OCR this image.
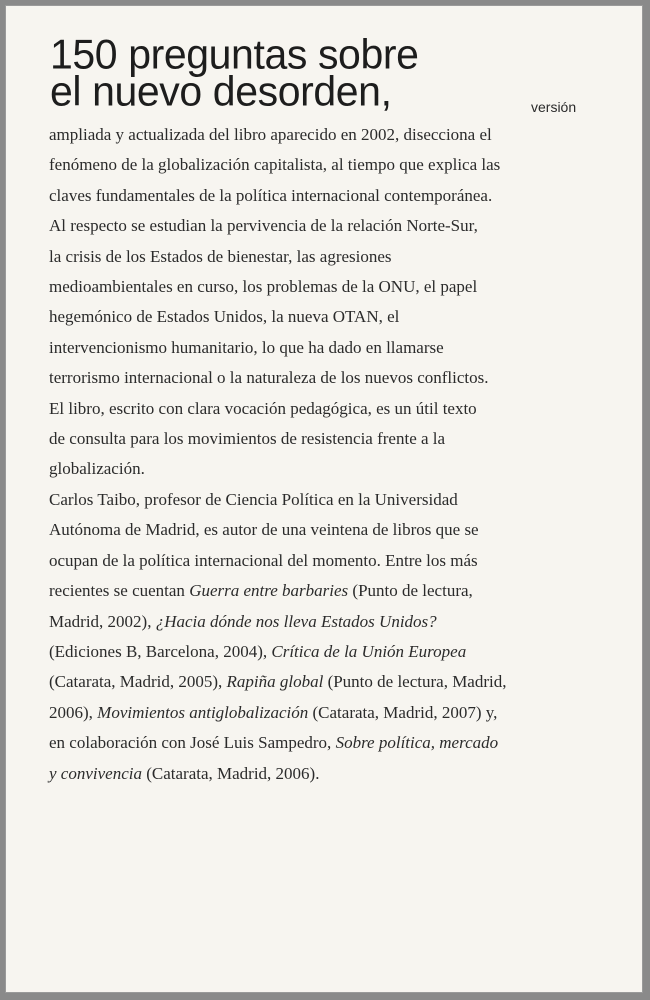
150 preguntas sobre
el nuevo desorden,	versión
ampliada y actualizada del libro aparecido en 2002, disecciona el
fenómeno de la globalización capitalista, al tiempo que explica las
claves fundamentales de la política internacional contemporánea.
Al respecto se estudian la pervivencia de la relación Norte-Sur,
la crisis de los Estados de bienestar, las agresiones
medioambientales en curso, los problemas de la ONU, el papel
hegemónico de Estados Unidos, la nueva OTAN, el
intervencionismo humanitario, lo que ha dado en llamarse
terrorismo internacional o la naturaleza de los nuevos conflictos.
El libro, escrito con clara vocación pedagógica, es un útil texto
de consulta para los movimientos de resistencia frente a la
globalización.
Carlos Taibo, profesor de Ciencia Política en la Universidad
Autónoma de Madrid, es autor de una veintena de libros que se
ocupan de la política internacional del momento. Entre los más
recientes se cuentan Guerra entre barbaries (Punto de lectura,
Madrid, 2002), ¿Hacia dónde nos lleva Estados Unidos?
(Ediciones B, Barcelona, 2004), Crítica de la Unión Europea
(Catarata, Madrid, 2005), Rapiña global (Punto de lectura, Madrid,
2006), Movimientos antiglobalización (Catarata, Madrid, 2007) y,
en colaboración con José Luis Sampedro, Sobre política, mercado
y convivencia (Catarata, Madrid, 2006).
